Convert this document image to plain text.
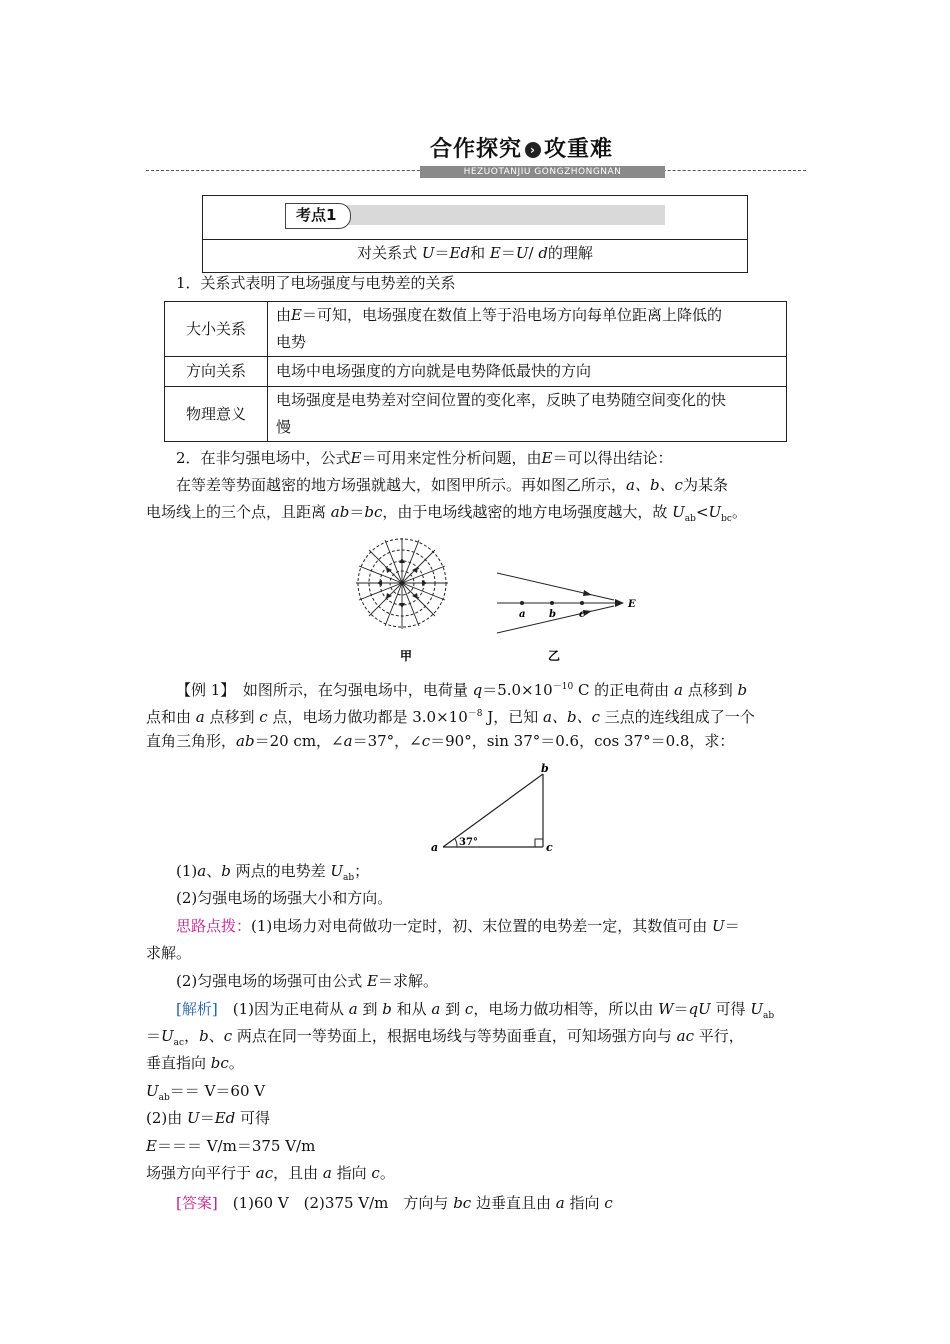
合作探究 › 攻重难
HEZUOTANJIU GONGZHONGNAN
考点1
对关系式 U＝Ed和 E＝U/ d的理解
1．关系式表明了电场强度与电势差的关系
大小关系	由E＝可知，电场强度在数值上等于沿电场方向每单位距离上降低的
电势
方向关系	电场中电场强度的方向就是电势降低最快的方向
物理意义	电场强度是电势差对空间位置的变化率，反映了电势随空间变化的快
慢
2．在非匀强电场中，公式E＝可用来定性分析问题，由E＝可以得出结论：
在等差等势面越密的地方场强就越大，如图甲所示。再如图乙所示，a、b、c为某条
电场线上的三个点，且距离 ab＝bc，由于电场线越密的地方电场强度越大，故 $U_{ab}<U_{bc}$。
甲
a b c
E
乙
【例 1】　如图所示，在匀强电场中，电荷量 $q=5.0\times 10^{-10}$ C 的正电荷由 a 点移到 b
点和由 a 点移到 c 点，电场力做功都是 $3.0\times 10^{-8}$ J，已知 a、b、c 三点的连线组成了一个
直角三角形，ab＝20 cm，∠a＝37°，∠c＝90°，sin 37°＝0.6，cos 37°＝0.8，求：
37°
a
b
c
(1)a、b 两点的电势差 $U_{ab}$；
(2)匀强电场的场强大小和方向。
思路点拨：(1)电场力对电荷做功一定时，初、末位置的电势差一定，其数值可由 U＝
求解。
(2)匀强电场的场强可由公式 E＝求解。
[解析]　(1)因为正电荷从 a 到 b 和从 a 到 c，电场力做功相等，所以由 W＝qU 可得 $U_{ab}$
$=U_{ac}$，b、c 两点在同一等势面上，根据电场线与等势面垂直，可知场强方向与 ac 平行，
垂直指向 bc。
$U_{ab}== V=60$ V
(2)由 U＝Ed 可得
E＝＝＝ V/m＝375 V/m
场强方向平行于 ac，且由 a 指向 c。
[答案]　(1)60 V　(2)375 V/m　方向与 bc 边垂直且由 a 指向 c
